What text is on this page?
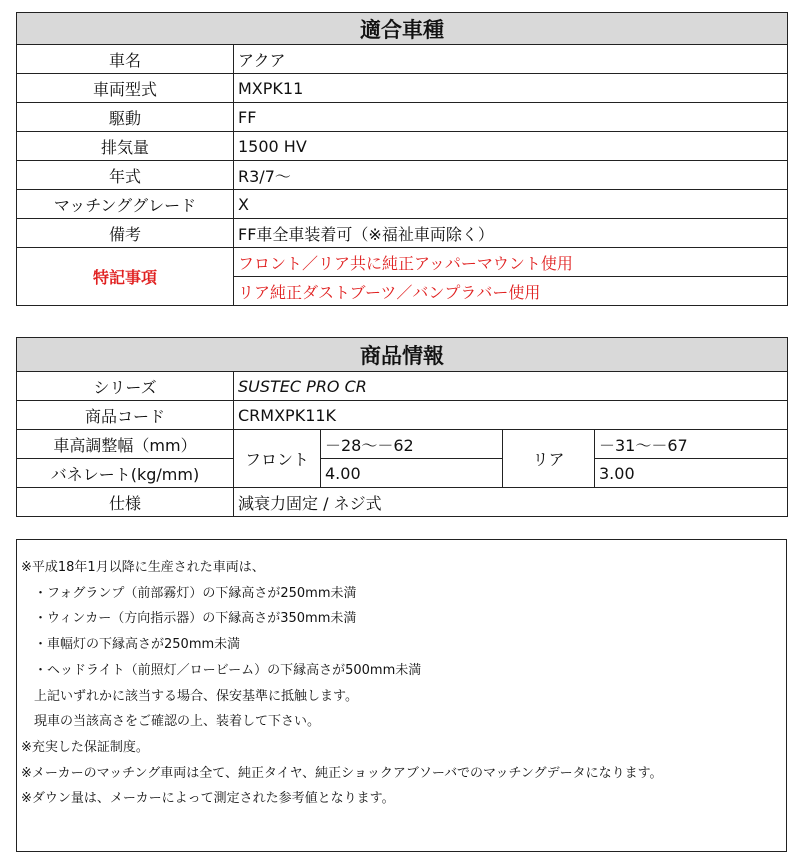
適合車種	
車名	アクア
車両型式	MXPK11
駆動	FF
排気量	1500 HV
年式	R3/7～
マッチンググレード	X
備考	FF車全車装着可（※福祉車両除く）
特記事項	フロント／リア共に純正アッパーマウント使用
	リア純正ダストブーツ／バンプラバー使用
商品情報				
シリーズ	SUSTEC PRO CR			
商品コード	CRMXPK11K			
車高調整幅（mm）	フロント	－28～－62	リア	－31～－67
バネレート(kg/mm)		4.00		3.00
仕様	減衰力固定 / ネジ式			
※平成18年1月以降に生産された車両は、
　・フォグランプ（前部霧灯）の下縁高さが250mm未満
　・ウィンカー（方向指示器）の下縁高さが350mm未満
　・車幅灯の下縁高さが250mm未満
　・ヘッドライト（前照灯／ロービーム）の下縁高さが500mm未満
　上記いずれかに該当する場合、保安基準に抵触します。
　現車の当該高さをご確認の上、装着して下さい。
※充実した保証制度。
※メーカーのマッチング車両は全て、純正タイヤ、純正ショックアブソーバでのマッチングデータになります。
※ダウン量は、メーカーによって測定された参考値となります。
